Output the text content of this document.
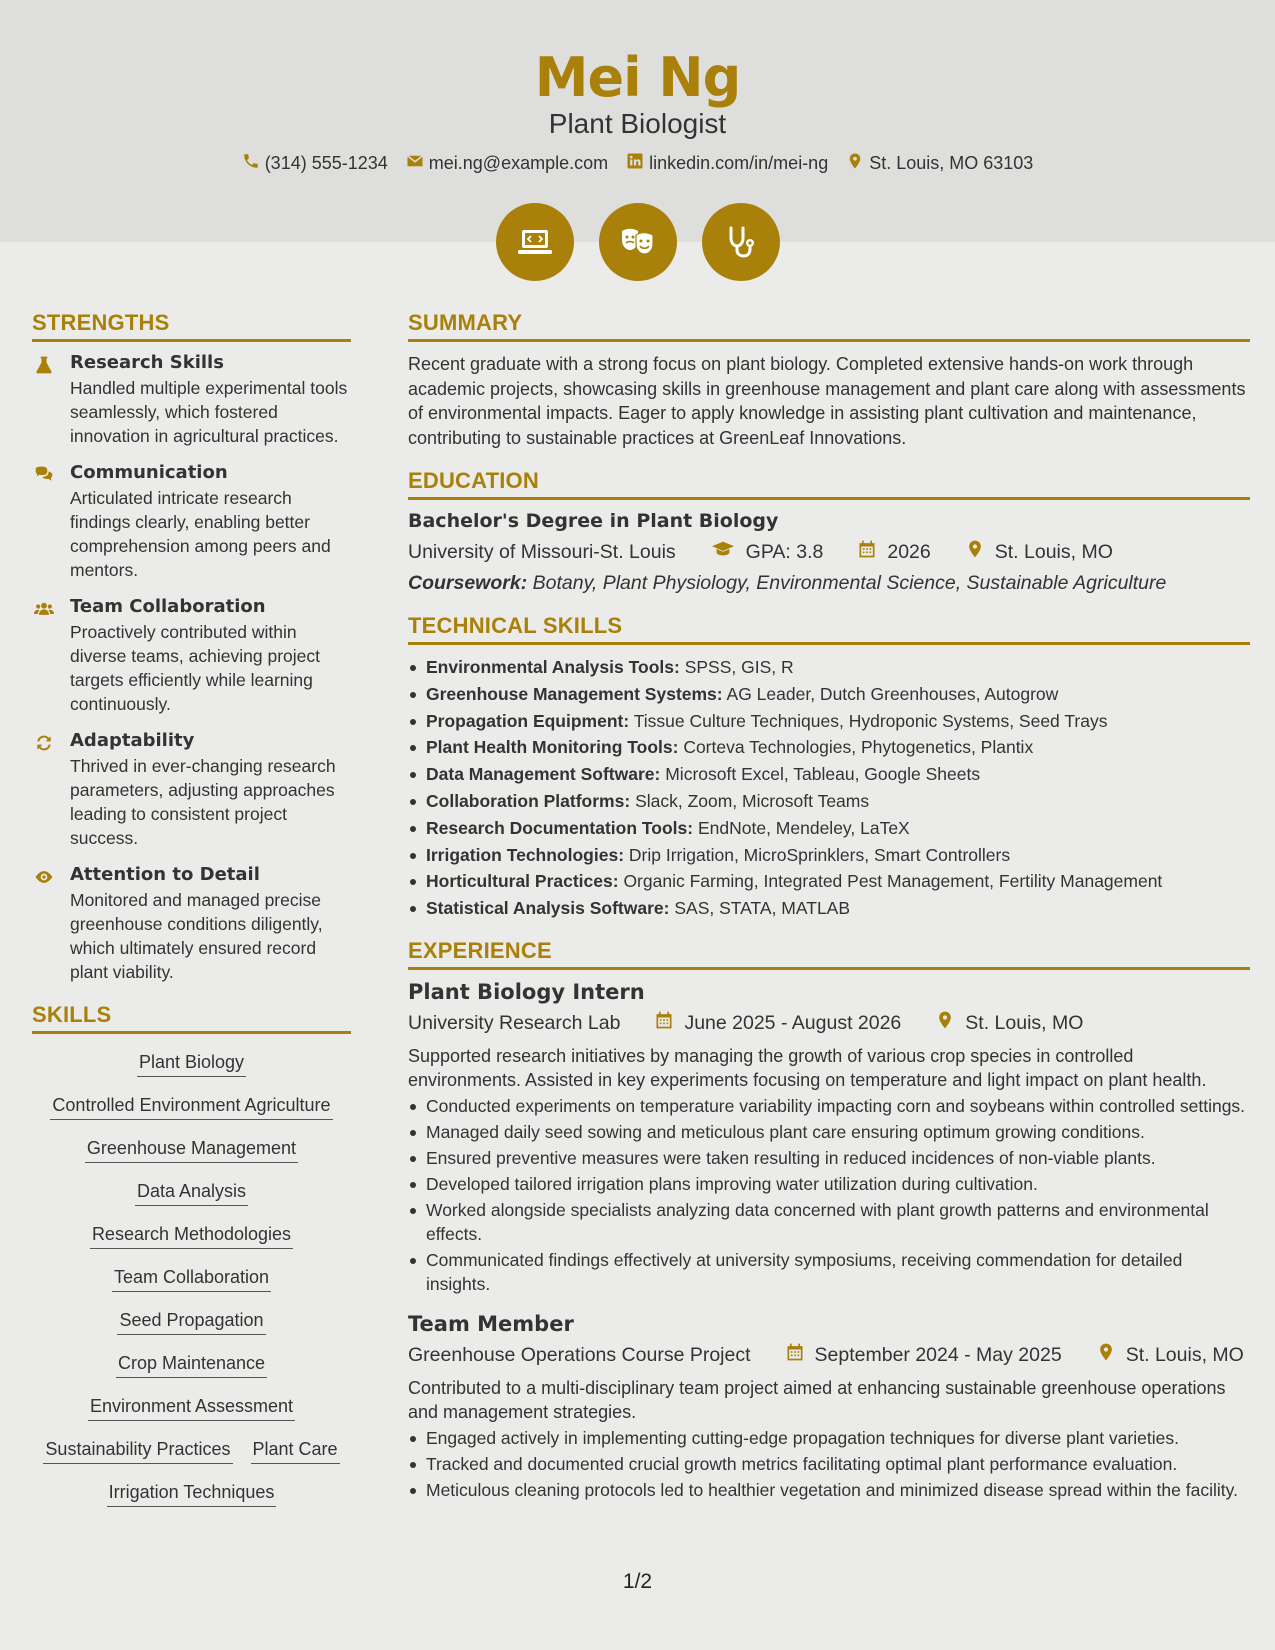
Mei Ng
Plant Biologist
(314) 555-1234 mei.ng@example.com linkedin.com/in/mei-ng St. Louis, MO 63103
STRENGTHS
Research Skills
Handled multiple experimental tools seamlessly, which fostered innovation in agricultural practices.
Communication
Articulated intricate research findings clearly, enabling better comprehension among peers and mentors.
Team Collaboration
Proactively contributed within diverse teams, achieving project targets efficiently while learning continuously.
Adaptability
Thrived in ever-changing research parameters, adjusting approaches leading to consistent project success.
Attention to Detail
Monitored and managed precise greenhouse conditions diligently, which ultimately ensured record plant viability.
SKILLS
Plant Biology
Controlled Environment Agriculture
Greenhouse Management
Data Analysis
Research Methodologies
Team Collaboration
Seed Propagation
Crop Maintenance
Environment Assessment
Sustainability Practices Plant Care
Irrigation Techniques
SUMMARY
Recent graduate with a strong focus on plant biology. Completed extensive hands-on work through academic projects, showcasing skills in greenhouse management and plant care along with assessments of environmental impacts. Eager to apply knowledge in assisting plant cultivation and maintenance, contributing to sustainable practices at GreenLeaf Innovations.
EDUCATION
Bachelor's Degree in Plant Biology
University of Missouri-St. Louis	GPA: 3.8	2026	St. Louis, MO
Coursework: Botany, Plant Physiology, Environmental Science, Sustainable Agriculture
TECHNICAL SKILLS
Environmental Analysis Tools: SPSS, GIS, R
Greenhouse Management Systems: AG Leader, Dutch Greenhouses, Autogrow
Propagation Equipment: Tissue Culture Techniques, Hydroponic Systems, Seed Trays
Plant Health Monitoring Tools: Corteva Technologies, Phytogenetics, Plantix
Data Management Software: Microsoft Excel, Tableau, Google Sheets
Collaboration Platforms: Slack, Zoom, Microsoft Teams
Research Documentation Tools: EndNote, Mendeley, LaTeX
Irrigation Technologies: Drip Irrigation, MicroSprinklers, Smart Controllers
Horticultural Practices: Organic Farming, Integrated Pest Management, Fertility Management
Statistical Analysis Software: SAS, STATA, MATLAB
EXPERIENCE
Plant Biology Intern
University Research Lab	June 2025 - August 2026	St. Louis, MO
Supported research initiatives by managing the growth of various crop species in controlled environments. Assisted in key experiments focusing on temperature and light impact on plant health.
Conducted experiments on temperature variability impacting corn and soybeans within controlled settings.
Managed daily seed sowing and meticulous plant care ensuring optimum growing conditions.
Ensured preventive measures were taken resulting in reduced incidences of non-viable plants.
Developed tailored irrigation plans improving water utilization during cultivation.
Worked alongside specialists analyzing data concerned with plant growth patterns and environmental effects.
Communicated findings effectively at university symposiums, receiving commendation for detailed insights.
Team Member
Greenhouse Operations Course Project	September 2024 - May 2025	St. Louis, MO
Contributed to a multi-disciplinary team project aimed at enhancing sustainable greenhouse operations and management strategies.
Engaged actively in implementing cutting-edge propagation techniques for diverse plant varieties.
Tracked and documented crucial growth metrics facilitating optimal plant performance evaluation.
Meticulous cleaning protocols led to healthier vegetation and minimized disease spread within the facility.
1/2
